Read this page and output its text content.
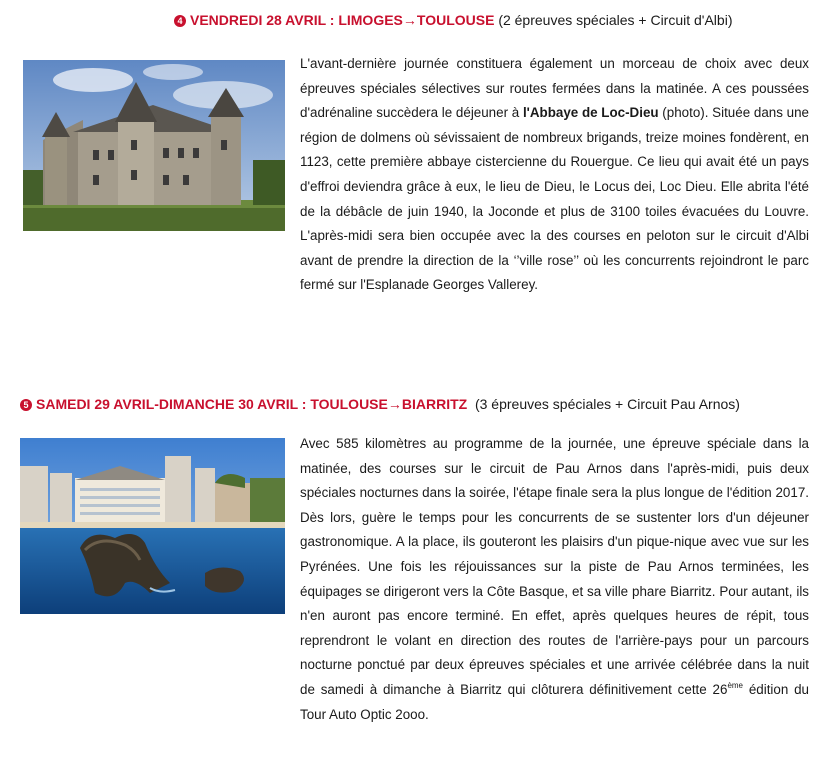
4 VENDREDI 28 AVRIL : LIMOGES→TOULOUSE (2 épreuves spéciales + Circuit d'Albi)
L'avant-dernière journée constituera également un morceau de choix avec deux épreuves spéciales sélectives sur routes fermées dans la matinée. A ces poussées d'adrénaline succèdera le déjeuner à l'Abbaye de Loc-Dieu (photo). Située dans une région de dolmens où sévissaient de nombreux brigands, treize moines fondèrent, en 1123, cette première abbaye cistercienne du Rouergue. Ce lieu qui avait été un pays d'effroi deviendra grâce à eux, le lieu de Dieu, le Locus dei, Loc Dieu. Elle abrita l'été de la débâcle de juin 1940, la Joconde et plus de 3100 toiles évacuées du Louvre. L'après-midi sera bien occupée avec la des courses en peloton sur le circuit d'Albi avant de prendre la direction de la ‘’ville rose’’ où les concurrents rejoindront le parc fermé sur l'Esplanade Georges Vallerey.
5 SAMEDI 29 AVRIL-DIMANCHE 30 AVRIL : TOULOUSE→BIARRITZ (3 épreuves spéciales + Circuit Pau Arnos)
Avec 585 kilomètres au programme de la journée, une épreuve spéciale dans la matinée, des courses sur le circuit de Pau Arnos dans l'après-midi, puis deux spéciales nocturnes dans la soirée, l'étape finale sera la plus longue de l'édition 2017. Dès lors, guère le temps pour les concurrents de se sustenter lors d'un déjeuner gastronomique. A la place, ils gouteront les plaisirs d'un pique-nique avec vue sur les Pyrénées. Une fois les réjouissances sur la piste de Pau Arnos terminées, les équipages se dirigeront vers la Côte Basque, et sa ville phare Biarritz. Pour autant, ils n'en auront pas encore terminé. En effet, après quelques heures de répit, tous reprendront le volant en direction des routes de l'arrière-pays pour un parcours nocturne ponctué par deux épreuves spéciales et une arrivée célébrée dans la nuit de samedi à dimanche à Biarritz qui clôturera définitivement cette 26ème édition du Tour Auto Optic 2ooo.
